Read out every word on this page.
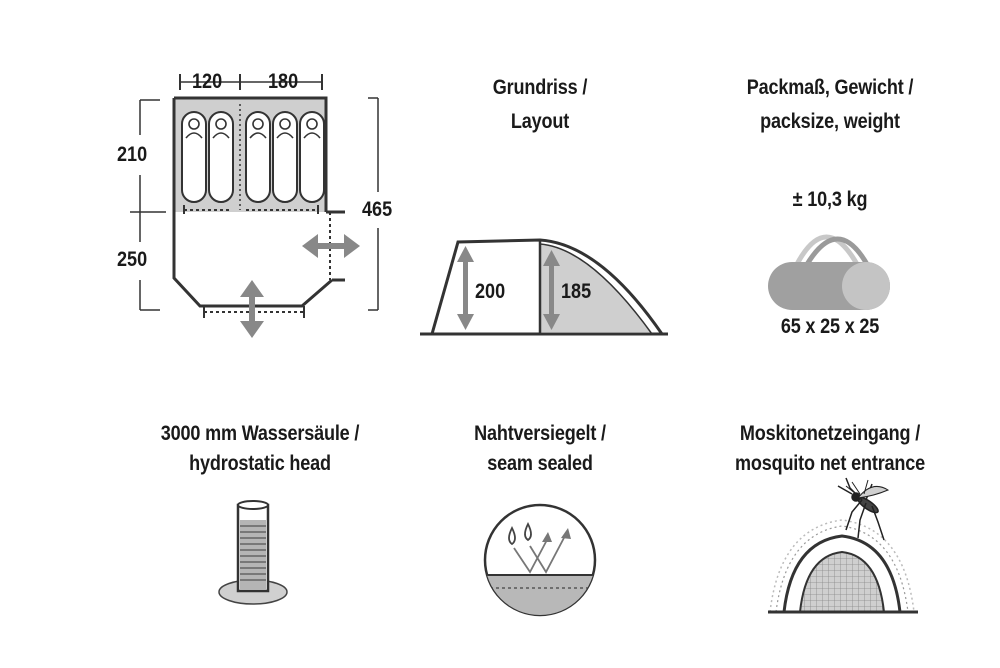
120 180
210
250
465
Grundriss /
Layout
200	185
Packmaß, Gewicht /
packsize, weight
± 10,3 kg
65 x 25 x 25
3000 mm Wassersäule /
hydrostatic head
Nahtversiegelt /
seam sealed
Moskitonetzeingang /
mosquito net entrance
